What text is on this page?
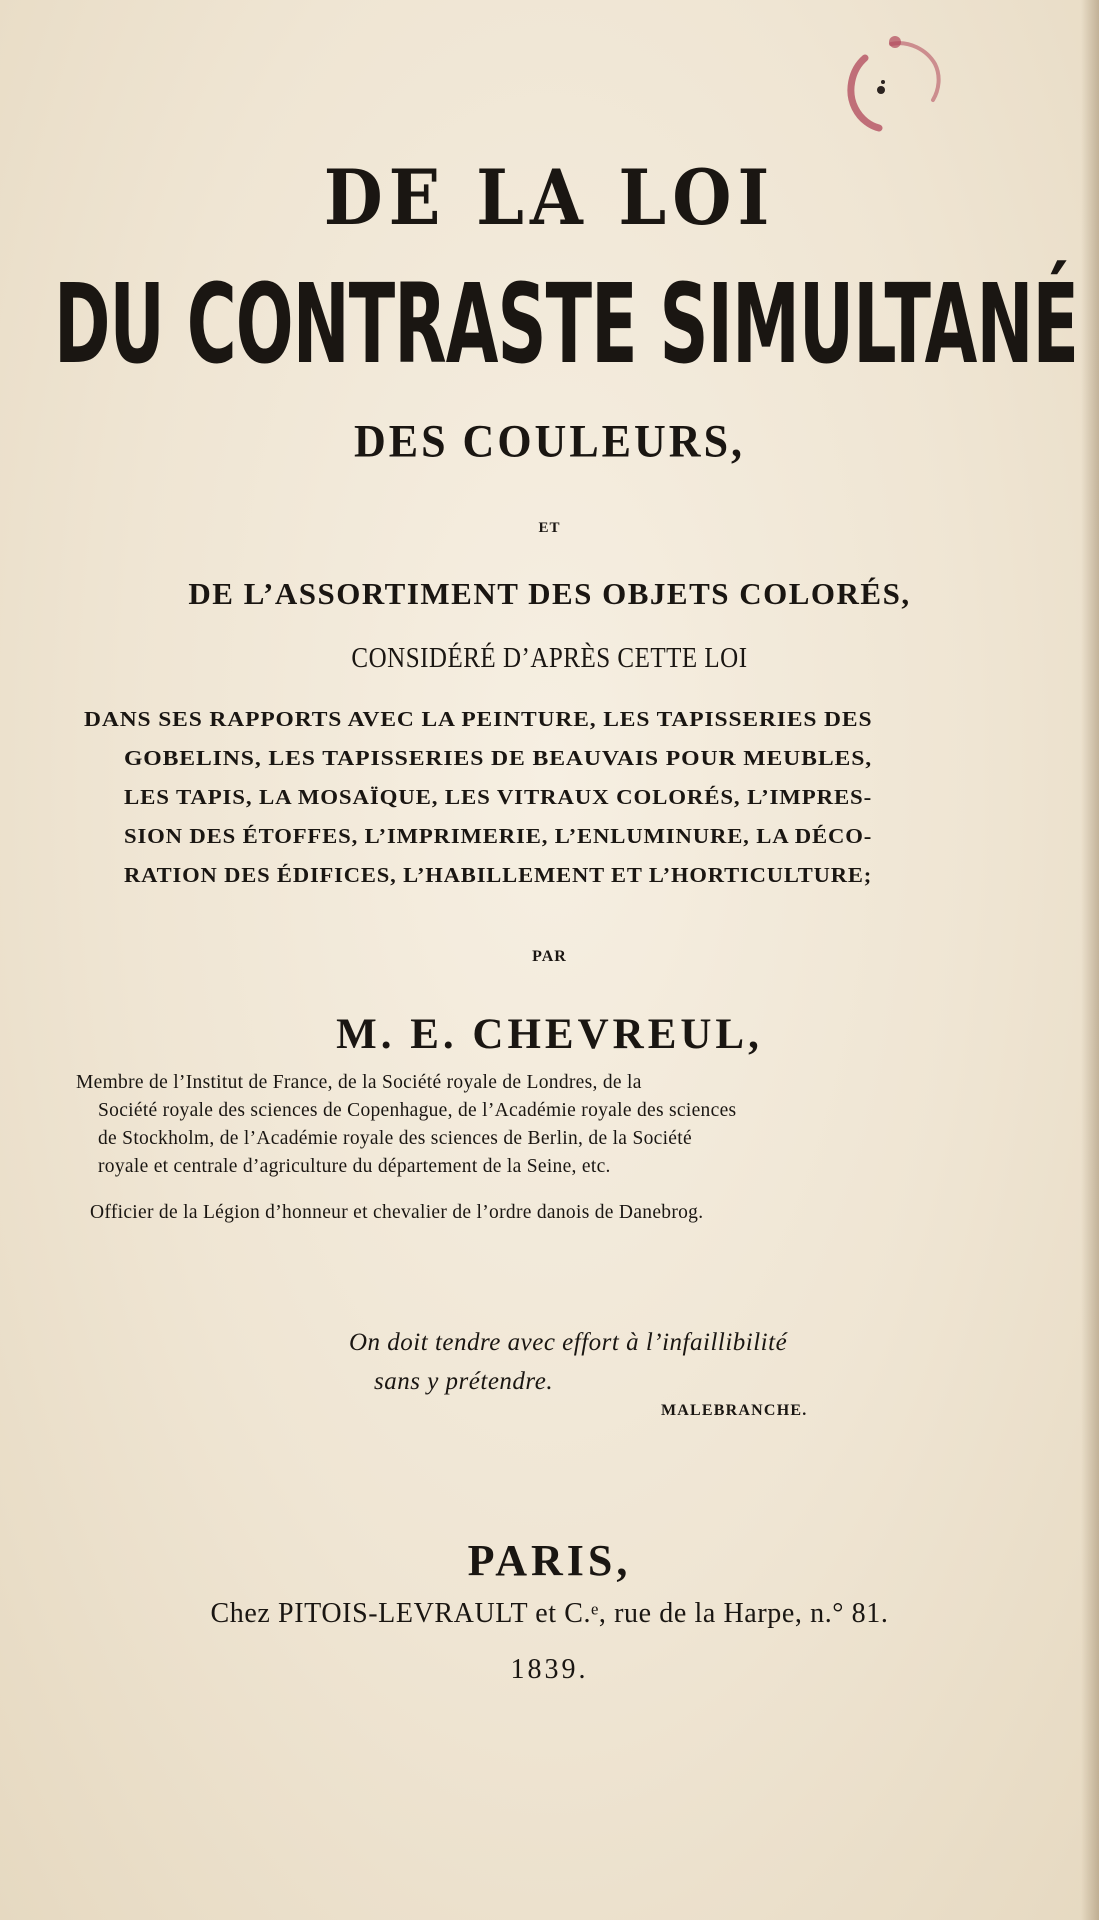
DE LA LOI
DU CONTRASTE SIMULTANÉ
DES COULEURS,
ET
DE L’ASSORTIMENT DES OBJETS COLORÉS,
CONSIDÉRÉ D’APRÈS CETTE LOI
DANS SES RAPPORTS AVEC LA PEINTURE, LES TAPISSERIES DES
GOBELINS, LES TAPISSERIES DE BEAUVAIS POUR MEUBLES,
LES TAPIS, LA MOSAÏQUE, LES VITRAUX COLORÉS, L’IMPRES-
SION DES ÉTOFFES, L’IMPRIMERIE, L’ENLUMINURE, LA DÉCO-
RATION DES ÉDIFICES, L’HABILLEMENT ET L’HORTICULTURE;
PAR
M. E. CHEVREUL,
Membre de l’Institut de France, de la Société royale de Londres, de la
Société royale des sciences de Copenhague, de l’Académie royale des sciences
de Stockholm, de l’Académie royale des sciences de Berlin, de la Société
royale et centrale d’agriculture du département de la Seine, etc.
Officier de la Légion d’honneur et chevalier de l’ordre danois de Danebrog.
On doit tendre avec effort à l’infaillibilité
sans y prétendre.
MALEBRANCHE.
PARIS,
Chez PITOIS-LEVRAULT et C.ᵉ, rue de la Harpe, n.° 81.
1839.
